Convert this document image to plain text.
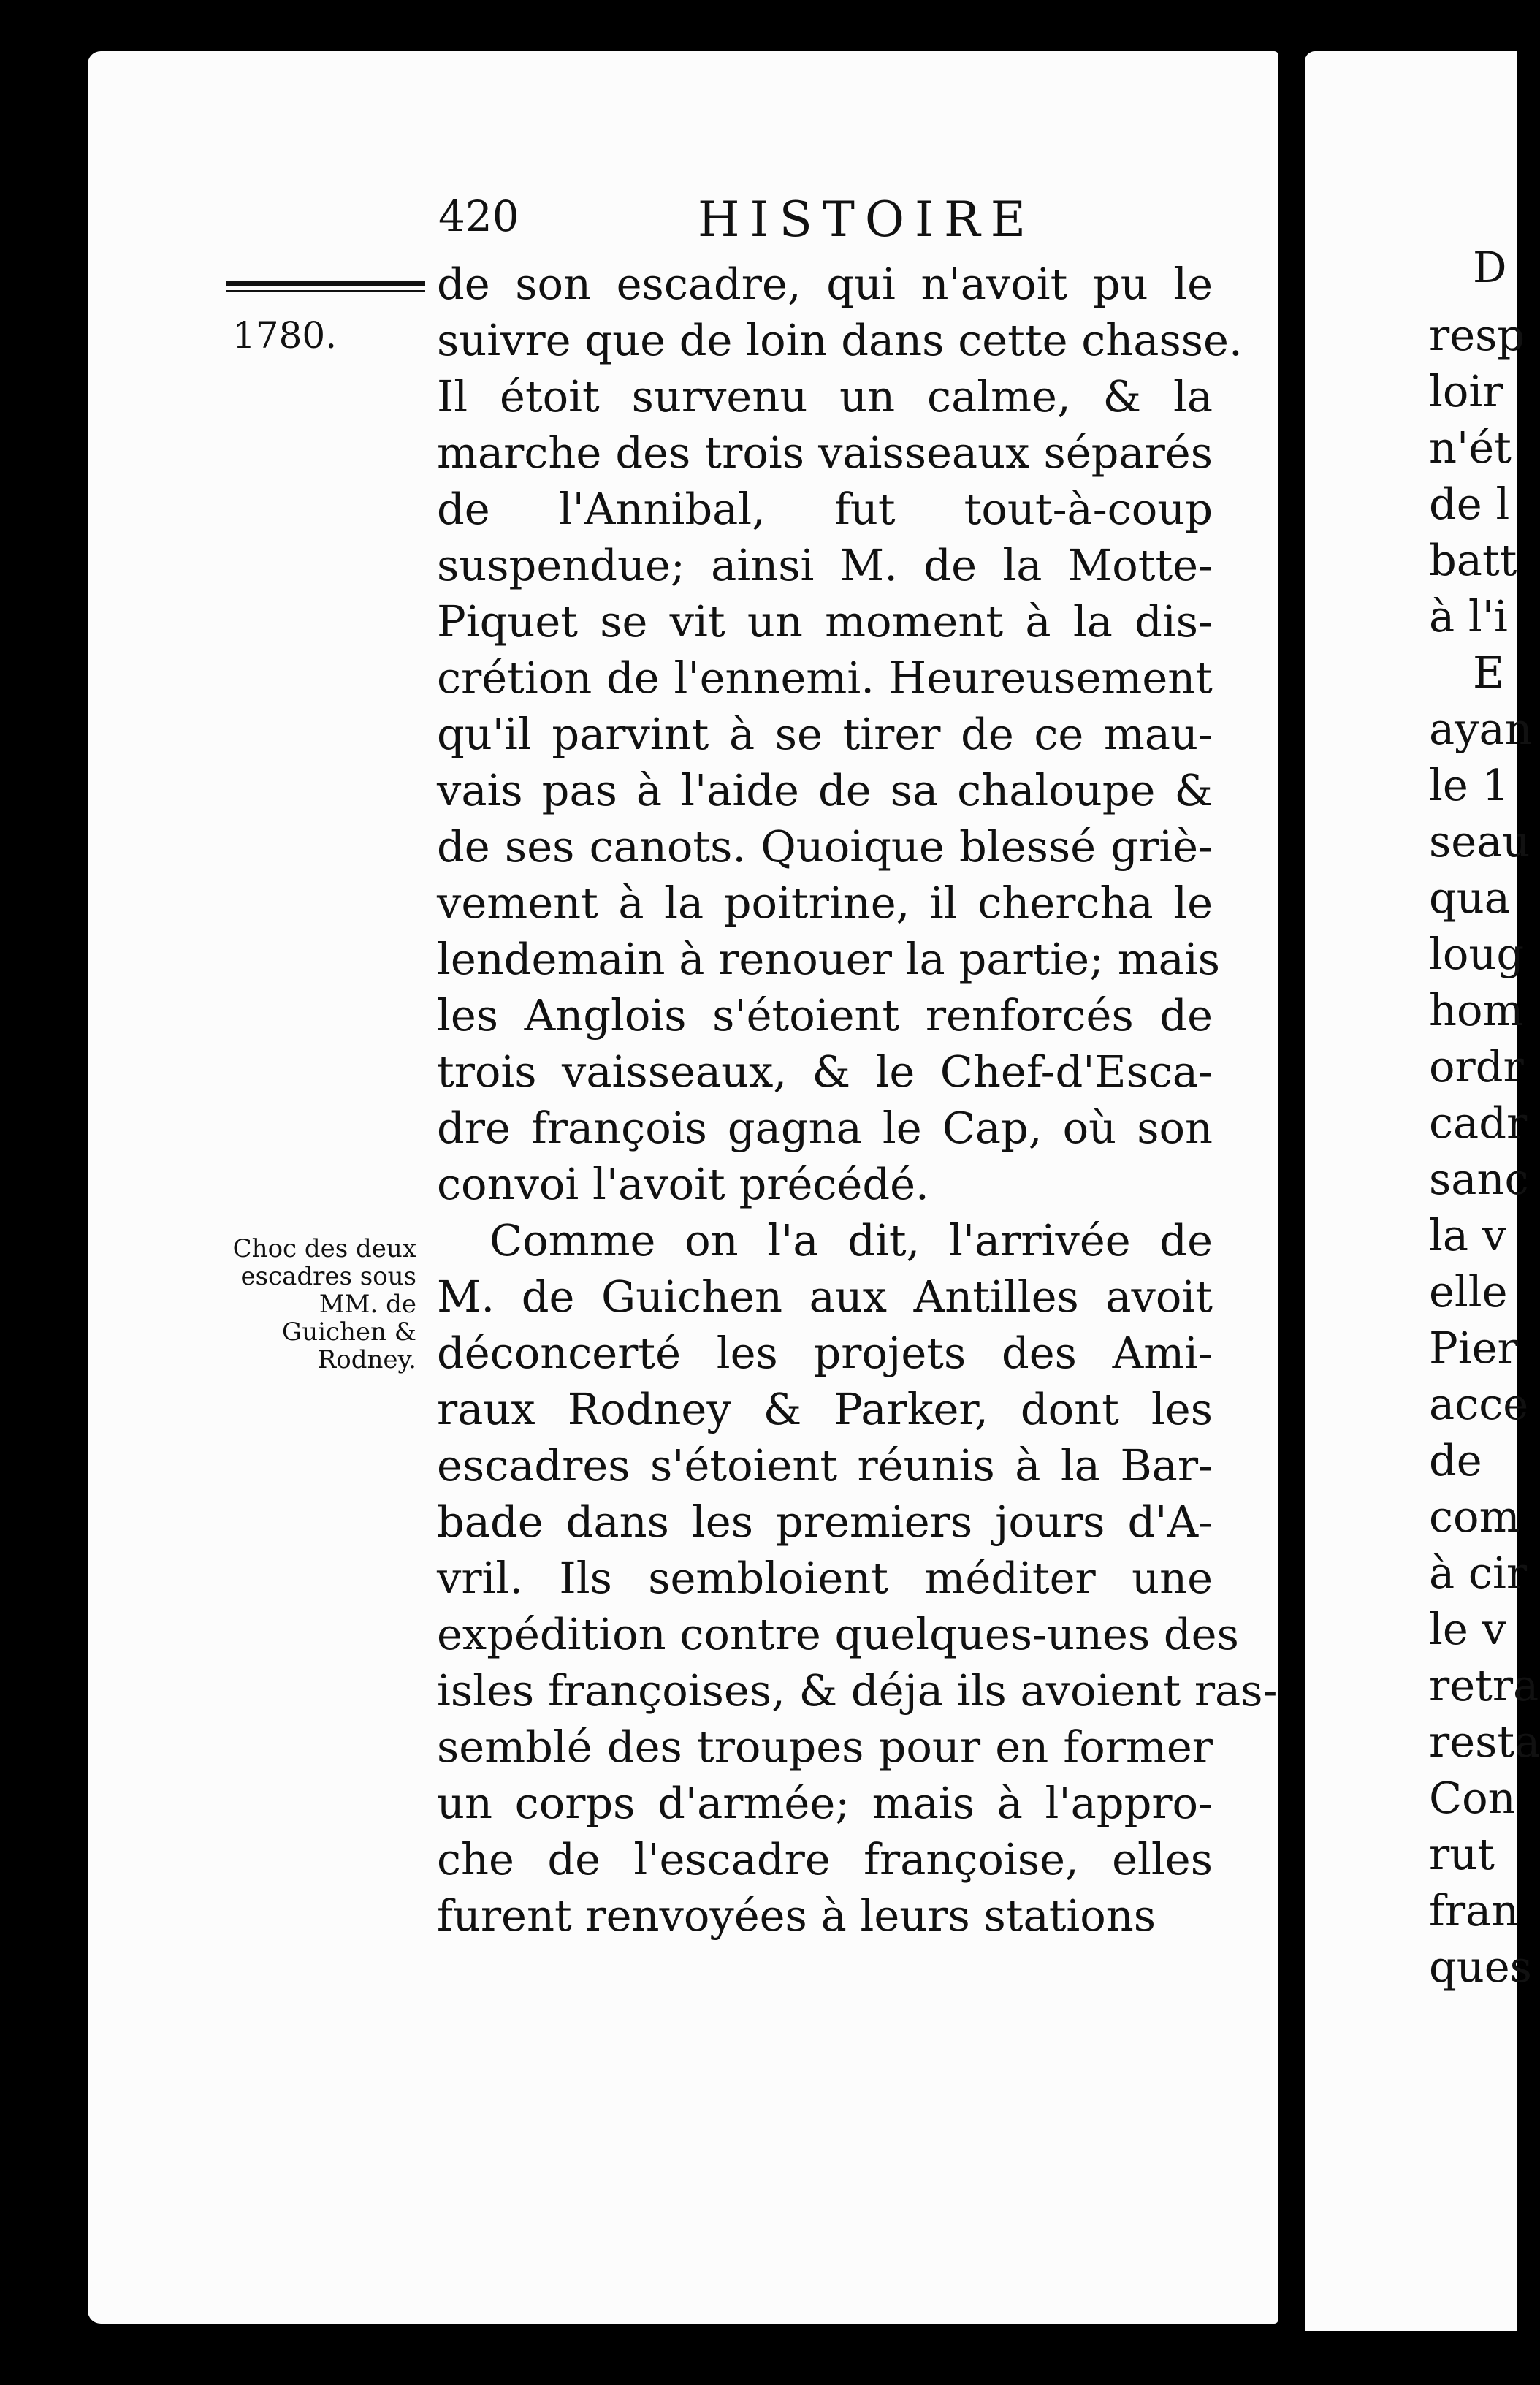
420	HISTOIRE
1780.
Choc des deux escadres sous MM. de Guichen & Rodney.
de son escadre, qui n'avoit pu le
suivre que de loin dans cette chasse.
Il étoit survenu un calme, & la
marche des trois vaisseaux séparés
de l'Annibal, fut tout-à-coup
suspendue; ainsi M. de la Motte-
Piquet se vit un moment à la dis-
crétion de l'ennemi. Heureusement
qu'il parvint à se tirer de ce mau-
vais pas à l'aide de sa chaloupe &
de ses canots. Quoique blessé griè-
vement à la poitrine, il chercha le
lendemain à renouer la partie; mais
les Anglois s'étoient renforcés de
trois vaisseaux, & le Chef-d'Esca-
dre françois gagna le Cap, où son
convoi l'avoit précédé.
Comme on l'a dit, l'arrivée de
M. de Guichen aux Antilles avoit
déconcerté les projets des Ami-
raux Rodney & Parker, dont les
escadres s'étoient réunis à la Bar-
bade dans les premiers jours d'A-
vril. Ils sembloient méditer une
expédition contre quelques-unes des
isles françoises, & déja ils avoient ras-
semblé des troupes pour en former
un corps d'armée; mais à l'appro-
che de l'escadre françoise, elles
furent renvoyées à leurs stations
D
resp
loir
n'ét
de l
batt
à l'i
E
ayan
le 1
seau
qua
loug
hom
ordr
cadr
sanc
la v
elle
Pier
acce
de
com
à cir
le v
retra
resta
Con
rut
fran
ques
